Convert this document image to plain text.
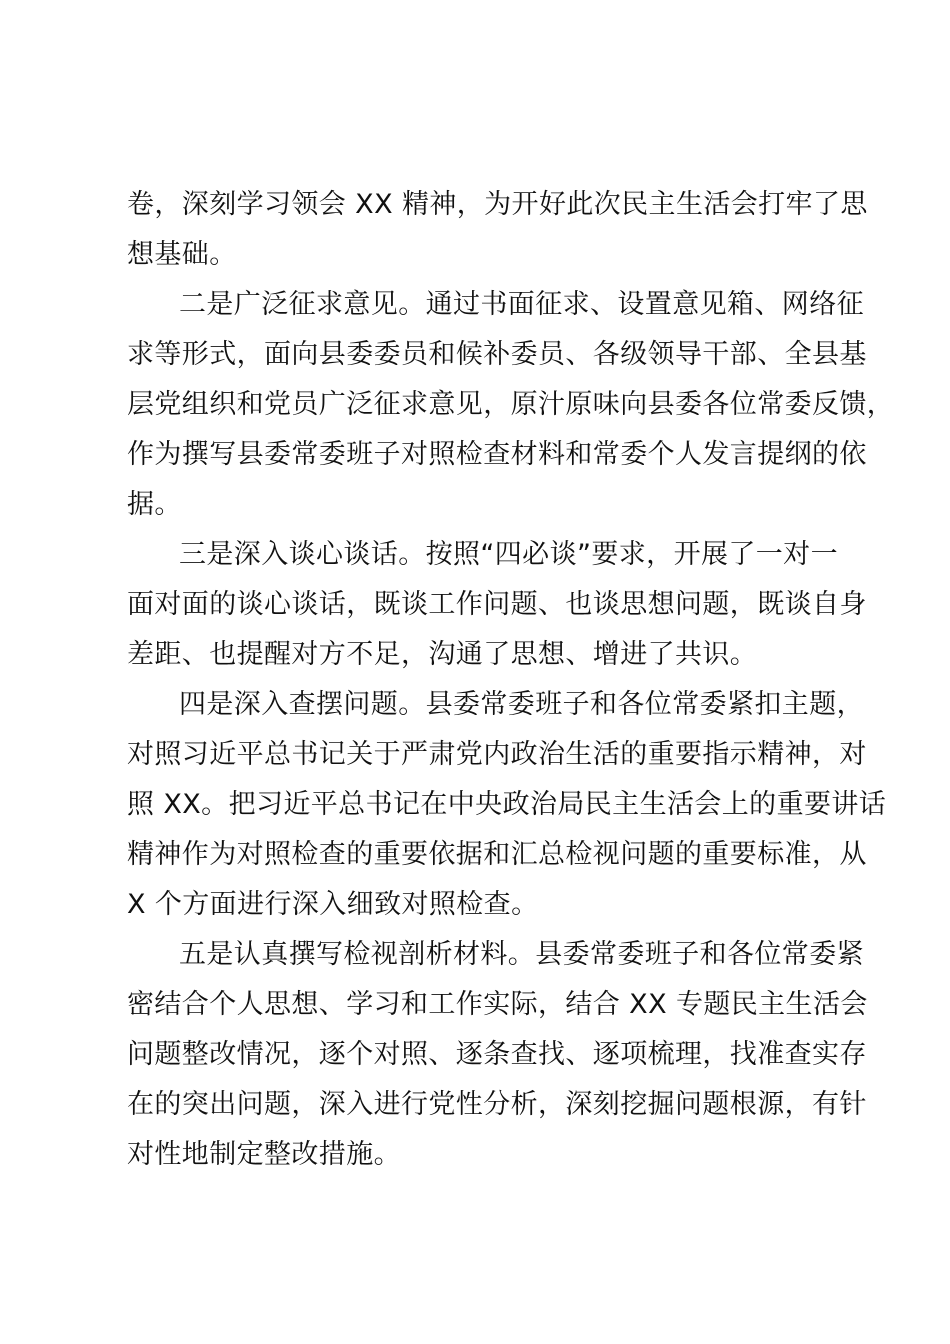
卷，深刻学习领会 XX 精神，为开好此次民主生活会打牢了思
想基础。
二是广泛征求意见。通过书面征求、设置意见箱、网络征
求等形式，面向县委委员和候补委员、各级领导干部、全县基
层党组织和党员广泛征求意见，原汁原味向县委各位常委反馈，
作为撰写县委常委班子对照检查材料和常委个人发言提纲的依
据。
三是深入谈心谈话。按照“四必谈”要求，开展了一对一
面对面的谈心谈话，既谈工作问题、也谈思想问题，既谈自身
差距、也提醒对方不足，沟通了思想、增进了共识。
四是深入查摆问题。县委常委班子和各位常委紧扣主题，
对照习近平总书记关于严肃党内政治生活的重要指示精神，对
照 XX。把习近平总书记在中央政治局民主生活会上的重要讲话
精神作为对照检查的重要依据和汇总检视问题的重要标准，从
X 个方面进行深入细致对照检查。
五是认真撰写检视剖析材料。县委常委班子和各位常委紧
密结合个人思想、学习和工作实际，结合 XX 专题民主生活会
问题整改情况，逐个对照、逐条查找、逐项梳理，找准查实存
在的突出问题，深入进行党性分析，深刻挖掘问题根源，有针
对性地制定整改措施。
